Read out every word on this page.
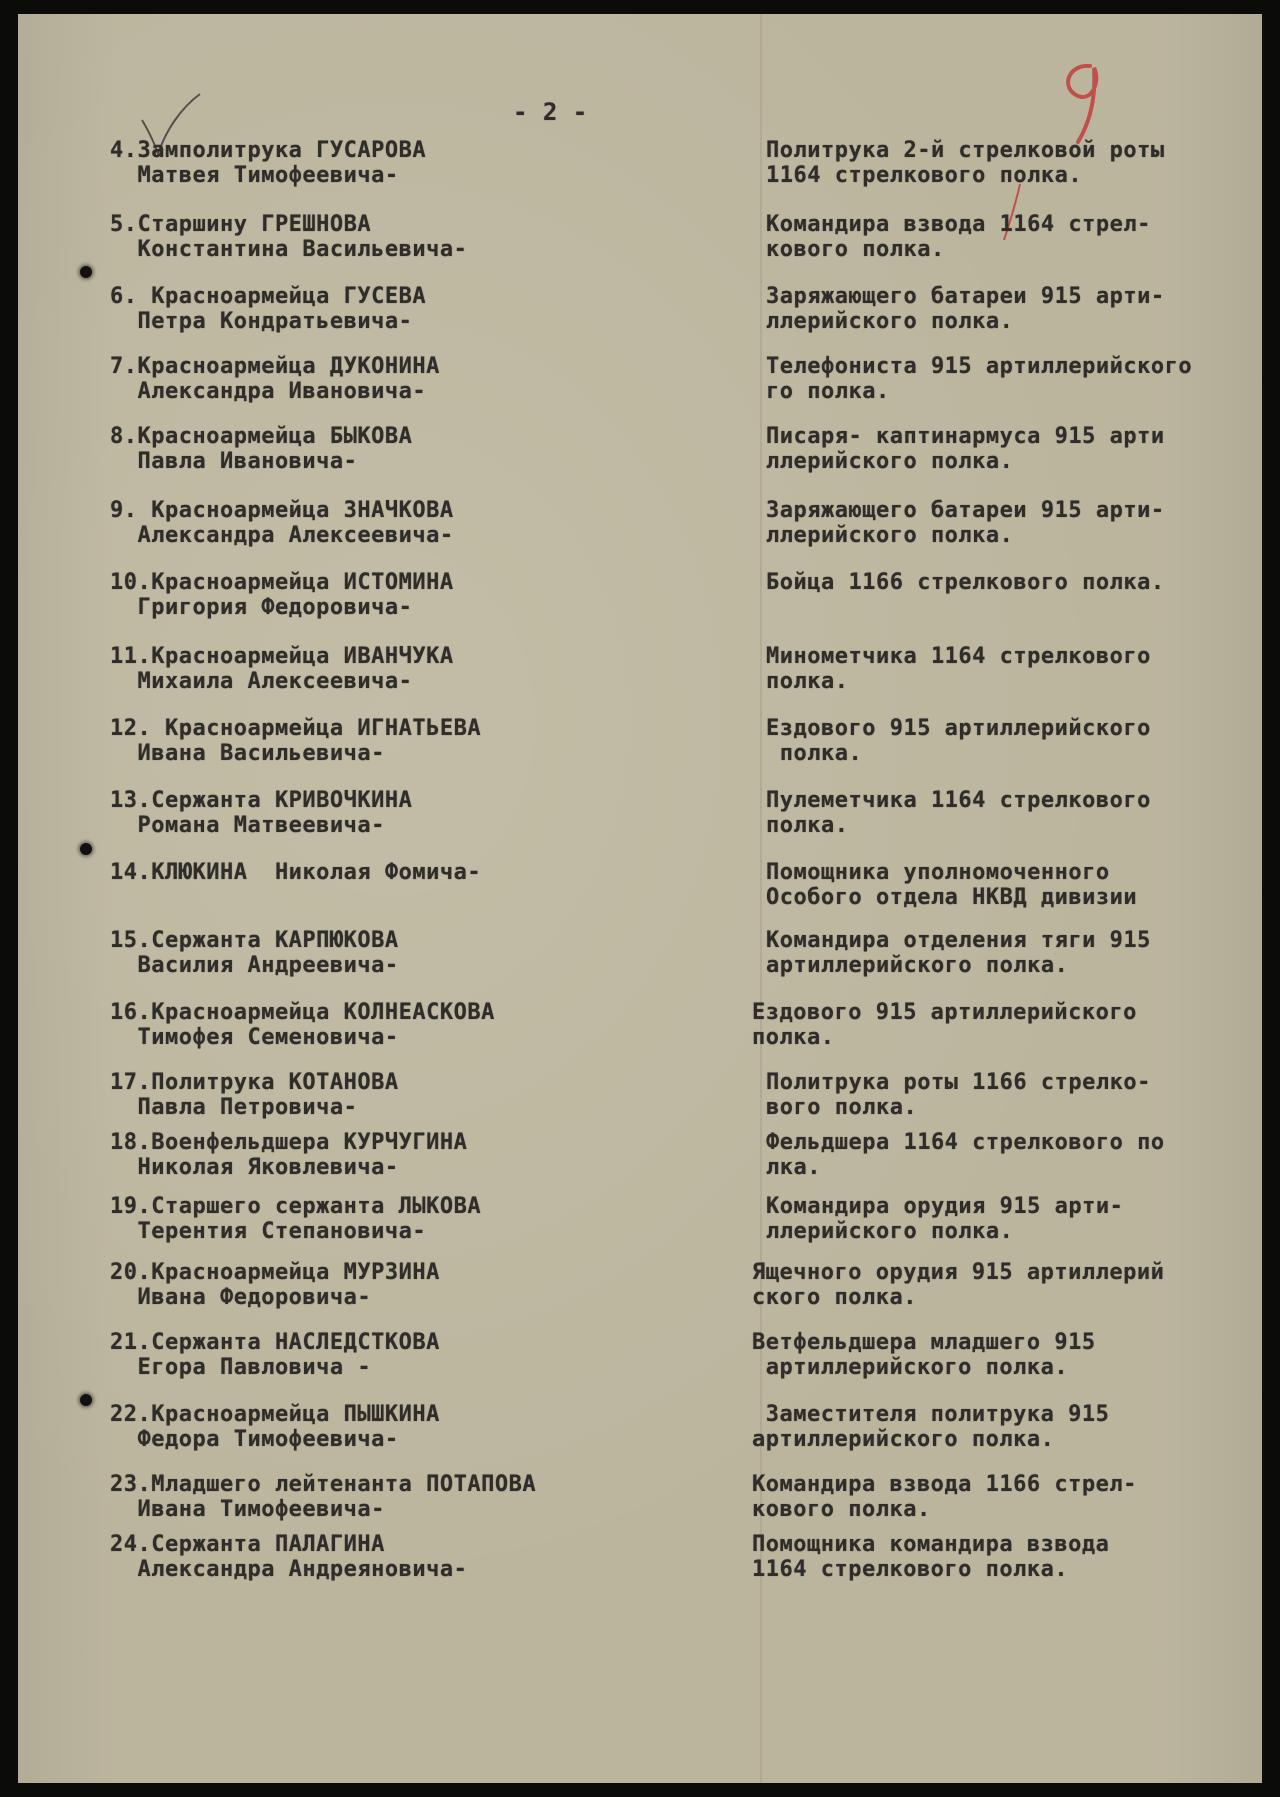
- 2 -
4.Замполитрука ГУСАРОВА
Матвея Тимофеевича-
Политрука 2-й стрелковой роты
1164 стрелкового полка.
5.Старшину ГРЕШНОВА
Константина Васильевича-
Командира взвода 1164 стрел-
кового полка.
6. Красноармейца ГУСЕВА
Петра Кондратьевича-
Заряжающего батареи 915 арти-
ллерийского полка.
7.Красноармейца ДУКОНИНА
Александра Ивановича-
Телефониста 915 артиллерийского
го полка.
8.Красноармейца БЫКОВА
Павла Ивановича-
Писаря- каптинармуса 915 арти
ллерийского полка.
9. Красноармейца ЗНАЧКОВА
Александра Алексеевича-
Заряжающего батареи 915 арти-
ллерийского полка.
10.Красноармейца ИСТОМИНА
Григория Федоровича-
Бойца 1166 стрелкового полка.
11.Красноармейца ИВАНЧУКА
Михаила Алексеевича-
Минометчика 1164 стрелкового
полка.
12. Красноармейца ИГНАТЬЕВА
Ивана Васильевича-
Ездового 915 артиллерийского
полка.
13.Сержанта КРИВОЧКИНА
Романа Матвеевича-
Пулеметчика 1164 стрелкового
полка.
14.КЛЮКИНА  Николая Фомича-	Помощника уполномоченного
Особого отдела НКВД дивизии
15.Сержанта КАРПЮКОВА
Василия Андреевича-
Командира отделения тяги 915
артиллерийского полка.
16.Красноармейца КОЛНЕАСКОВА
Тимофея Семеновича-
Ездового 915 артиллерийского
полка.
17.Политрука КОТАНОВА
Павла Петровича-
Политрука роты 1166 стрелко-
вого полка.
18.Военфельдшера КУРЧУГИНА
Николая Яковлевича-
Фельдшера 1164 стрелкового по
лка.
19.Старшего сержанта ЛЫКОВА
Терентия Степановича-
Командира орудия 915 арти-
ллерийского полка.
20.Красноармейца МУРЗИНА
Ивана Федоровича-
Ящечного орудия 915 артиллерий
ского полка.
21.Сержанта НАСЛЕДСТКОВА
Егора Павловича -
Ветфельдшера младшего 915
артиллерийского полка.
22.Красноармейца ПЫШКИНА
Федора Тимофеевича-
Заместителя политрука 915
артиллерийского полка.
23.Младшего лейтенанта ПОТАПОВА
Ивана Тимофеевича-
Командира взвода 1166 стрел-
кового полка.
24.Сержанта ПАЛАГИНА
Александра Андреяновича-
Помощника командира взвода
1164 стрелкового полка.
